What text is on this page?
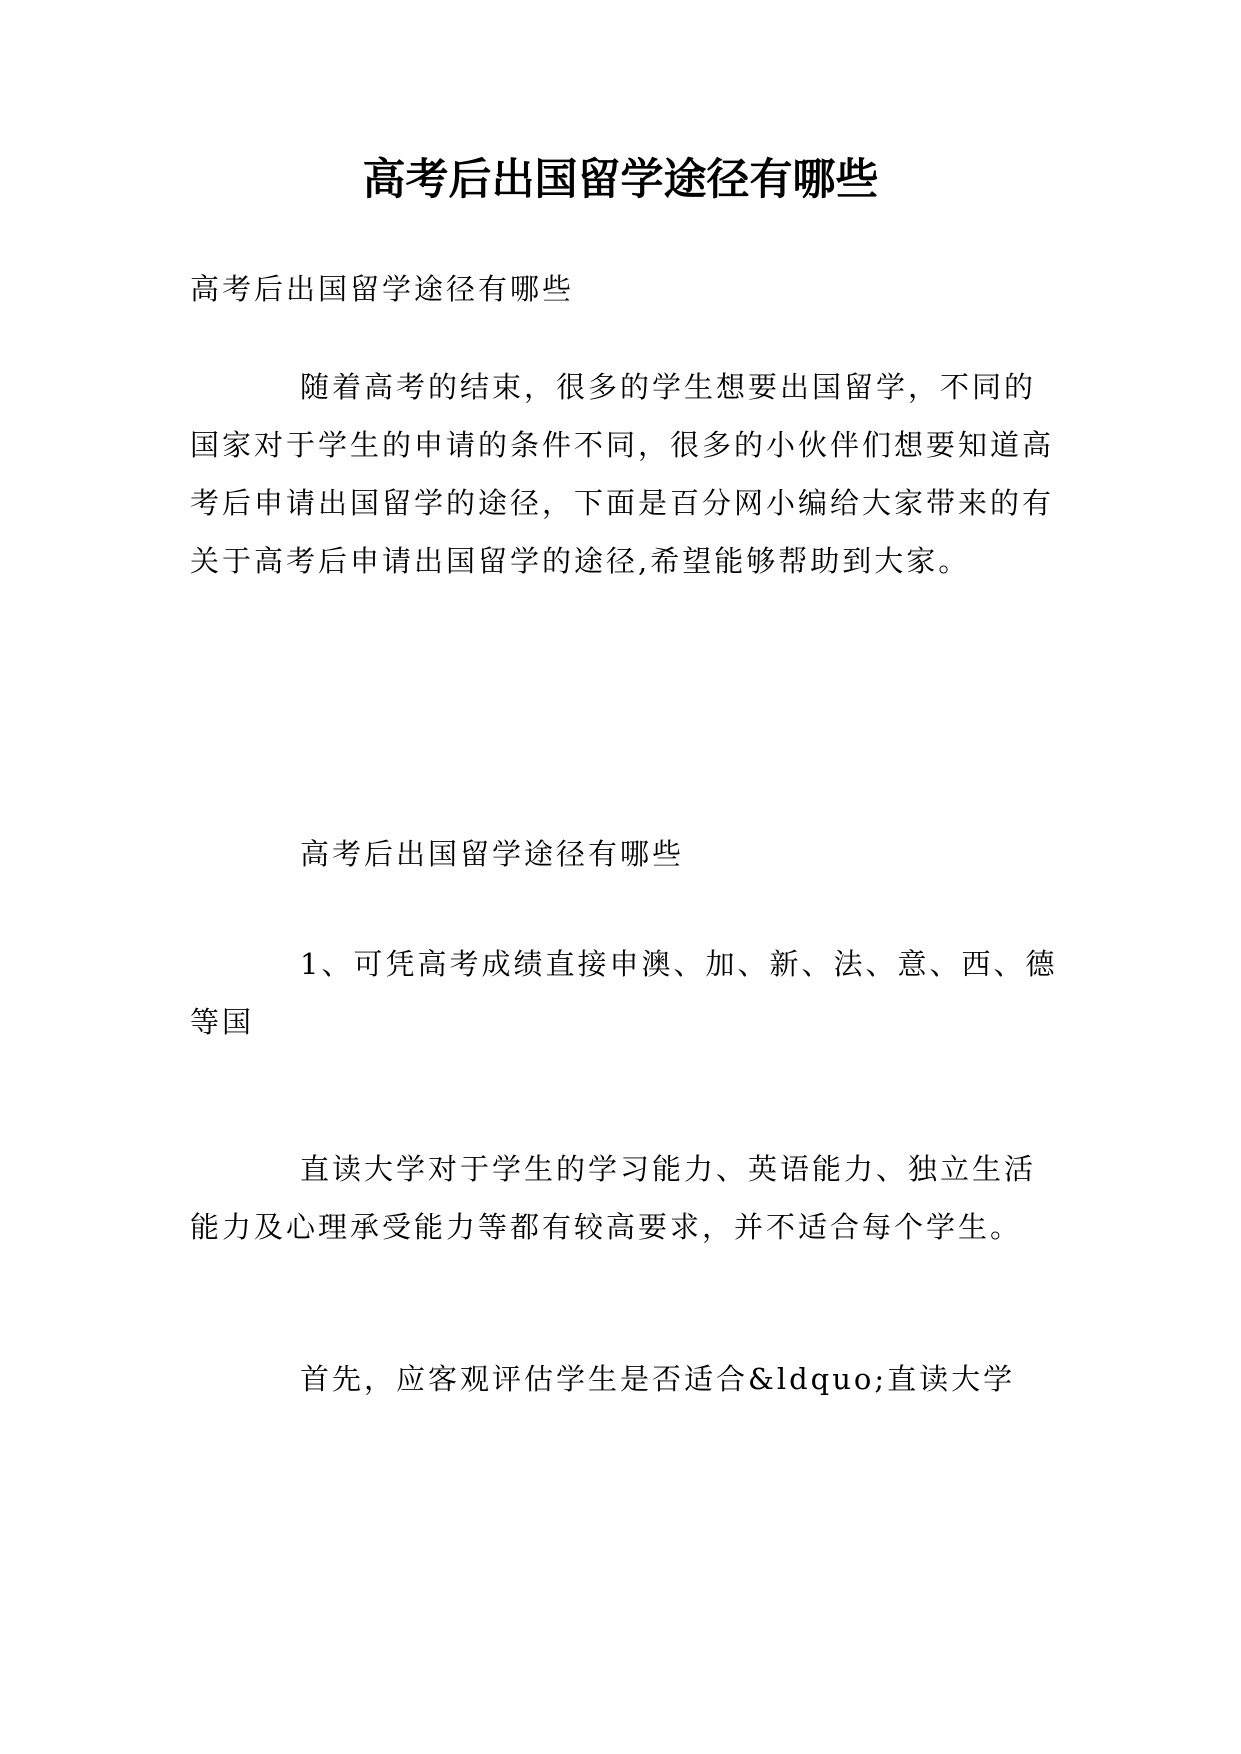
高考后出国留学途径有哪些

高考后出国留学途径有哪些

随着高考的结束，很多的学生想要出国留学，不同的国家对于学生的申请的条件不同，很多的小伙伴们想要知道高考后申请出国留学的途径，下面是百分网小编给大家带来的有关于高考后申请出国留学的途径,希望能够帮助到大家。

高考后出国留学途径有哪些

1、可凭高考成绩直接申澳、加、新、法、意、西、德等国

直读大学对于学生的学习能力、英语能力、独立生活能力及心理承受能力等都有较高要求，并不适合每个学生。

首先，应客观评估学生是否适合&ldquo;直读大学
